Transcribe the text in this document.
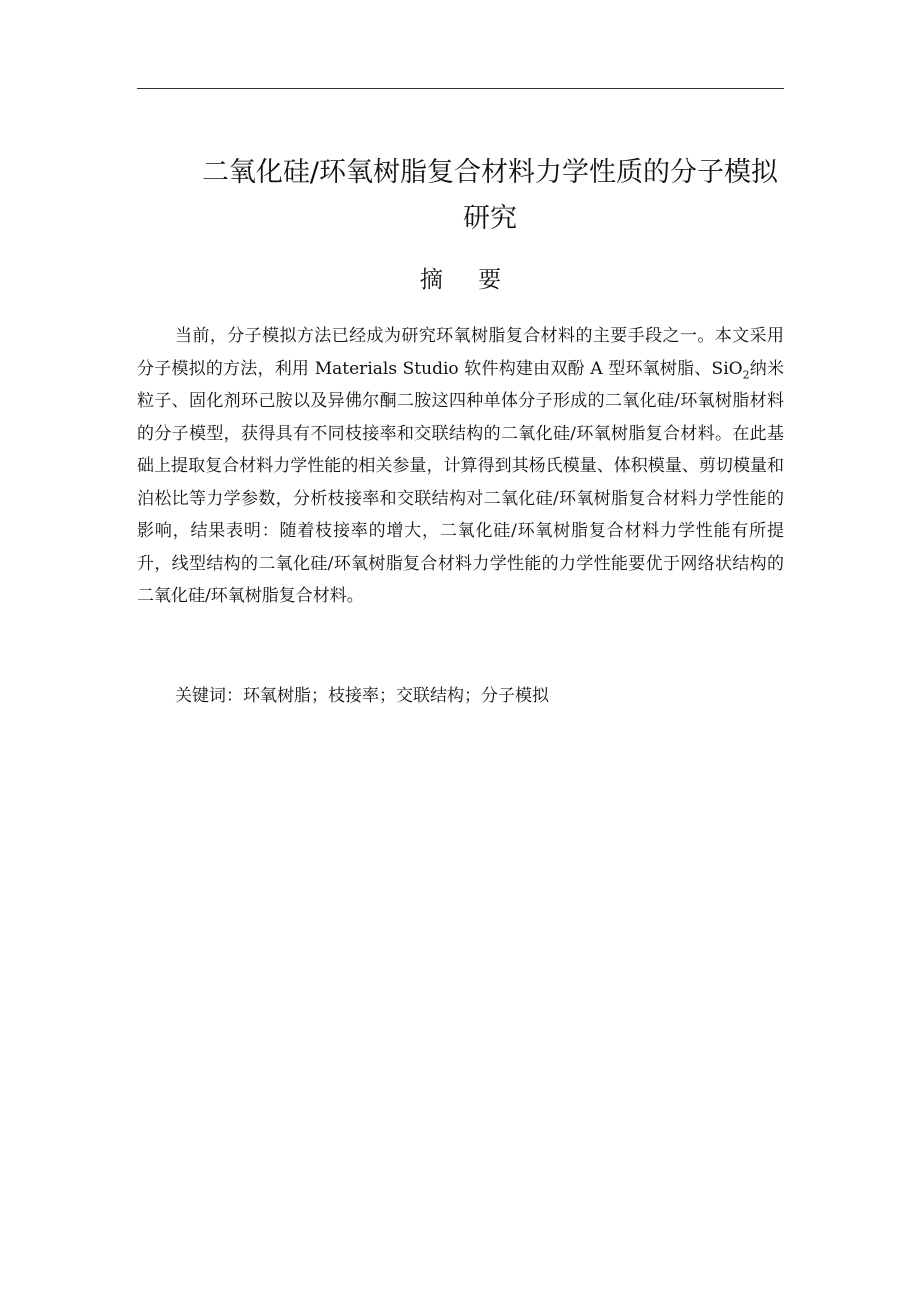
二氧化硅/环氧树脂复合材料力学性质的分子模拟研究
摘 要

当前，分子模拟方法已经成为研究环氧树脂复合材料的主要手段之一。本文采用分子模拟的方法，利用 Materials Studio 软件构建由双酚 A 型环氧树脂、SiO$_2$纳米粒子、固化剂环己胺以及异佛尔酮二胺这四种单体分子形成的二氧化硅/环氧树脂材料的分子模型，获得具有不同枝接率和交联结构的二氧化硅/环氧树脂复合材料。在此基础上提取复合材料力学性能的相关参量，计算得到其杨氏模量、体积模量、剪切模量和泊松比等力学参数，分析枝接率和交联结构对二氧化硅/环氧树脂复合材料力学性能的影响，结果表明：随着枝接率的增大，二氧化硅/环氧树脂复合材料力学性能有所提升，线型结构的二氧化硅/环氧树脂复合材料力学性能的力学性能要优于网络状结构的二氧化硅/环氧树脂复合材料。

关键词：环氧树脂；枝接率；交联结构；分子模拟
